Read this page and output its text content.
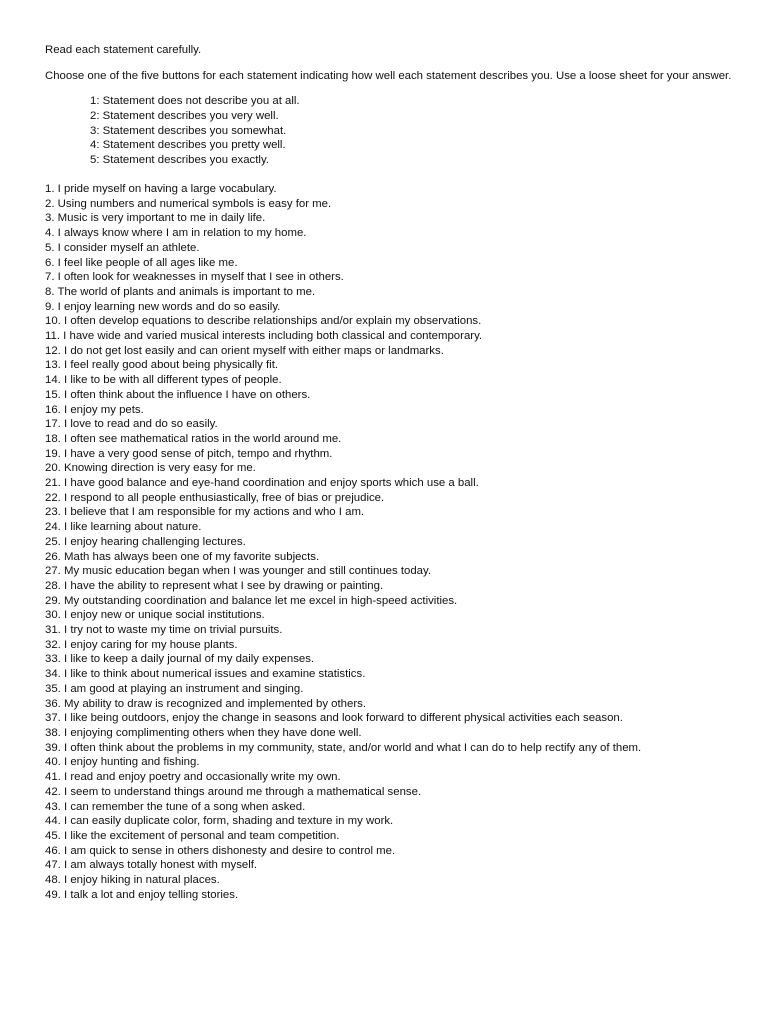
Read each statement carefully.

Choose one of the five buttons for each statement indicating how well each statement describes you. Use a loose sheet for your answer.

1: Statement does not describe you at all.
2: Statement describes you very well.
3: Statement describes you somewhat.
4: Statement describes you pretty well.
5: Statement describes you exactly.
1. I pride myself on having a large vocabulary.
2. Using numbers and numerical symbols is easy for me.
3. Music is very important to me in daily life.
4. I always know where I am in relation to my home.
5. I consider myself an athlete.
6. I feel like people of all ages like me.
7. I often look for weaknesses in myself that I see in others.
8. The world of plants and animals is important to me.
9. I enjoy learning new words and do so easily.
10. I often develop equations to describe relationships and/or explain my observations.
11. I have wide and varied musical interests including both classical and contemporary.
12. I do not get lost easily and can orient myself with either maps or landmarks.
13. I feel really good about being physically fit.
14. I like to be with all different types of people.
15. I often think about the influence I have on others.
16. I enjoy my pets.
17. I love to read and do so easily.
18. I often see mathematical ratios in the world around me.
19. I have a very good sense of pitch, tempo and rhythm.
20. Knowing direction is very easy for me.
21. I have good balance and eye-hand coordination and enjoy sports which use a ball.
22. I respond to all people enthusiastically, free of bias or prejudice.
23. I believe that I am responsible for my actions and who I am.
24. I like learning about nature.
25. I enjoy hearing challenging lectures.
26. Math has always been one of my favorite subjects.
27. My music education began when I was younger and still continues today.
28. I have the ability to represent what I see by drawing or painting.
29. My outstanding coordination and balance let me excel in high-speed activities.
30. I enjoy new or unique social institutions.
31. I try not to waste my time on trivial pursuits.
32. I enjoy caring for my house plants.
33. I like to keep a daily journal of my daily expenses.
34. I like to think about numerical issues and examine statistics.
35. I am good at playing an instrument and singing.
36. My ability to draw is recognized and implemented by others.
37. I like being outdoors, enjoy the change in seasons and look forward to different physical activities each season.
38. I enjoying complimenting others when they have done well.
39. I often think about the problems in my community, state, and/or world and what I can do to help rectify any of them.
40. I enjoy hunting and fishing.
41. I read and enjoy poetry and occasionally write my own.
42. I seem to understand things around me through a mathematical sense.
43. I can remember the tune of a song when asked.
44. I can easily duplicate color, form, shading and texture in my work.
45. I like the excitement of personal and team competition.
46. I am quick to sense in others dishonesty and desire to control me.
47. I am always totally honest with myself.
48. I enjoy hiking in natural places.
49. I talk a lot and enjoy telling stories.
